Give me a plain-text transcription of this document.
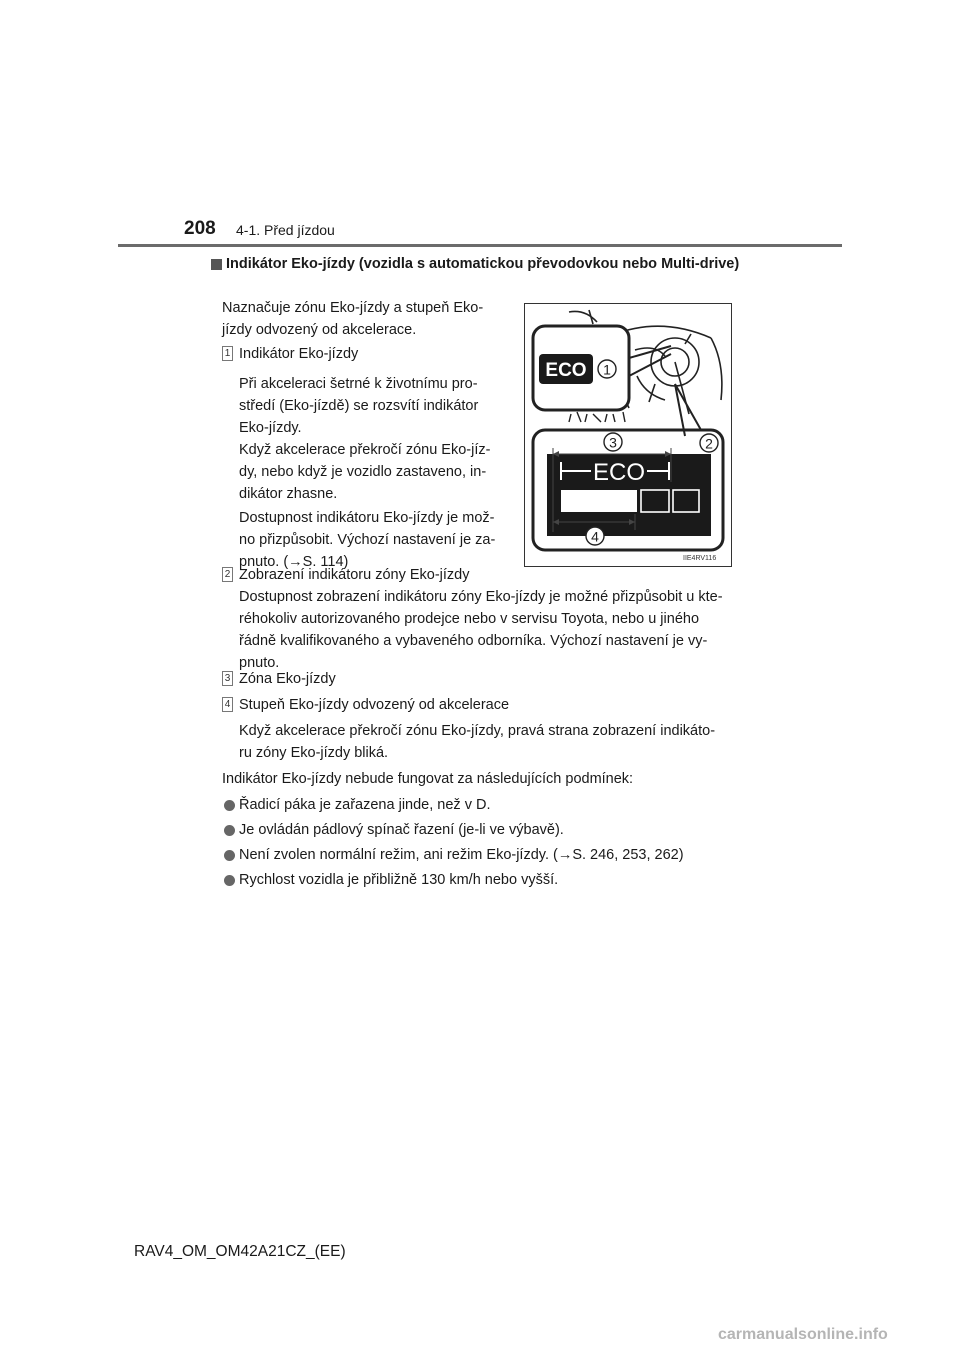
208 4-1. Před jízdou
Indikátor Eko-jízdy (vozidla s automatickou převodovkou nebo Multi-drive)
Naznačuje zónu Eko-jízdy a stupeň Eko-
jízdy odvozený od akcelerace.
1 Indikátor Eko-jízdy
Při akceleraci šetrné k životnímu pro-
středí (Eko-jízdě) se rozsvítí indikátor
Eko-jízdy.
Když akcelerace překročí zónu Eko-jíz-
dy, nebo když je vozidlo zastaveno, in-
dikátor zhasne.
Dostupnost indikátoru Eko-jízdy je mož-
no přizpůsobit. Výchozí nastavení je za-
pnuto. (→S. 114)
ECO 1
ECO
3	2
4
IIE4RV116
2 Zobrazení indikátoru zóny Eko-jízdy
Dostupnost zobrazení indikátoru zóny Eko-jízdy je možné přizpůsobit u kte-
réhokoliv autorizovaného prodejce nebo v servisu Toyota, nebo u jiného
řádně kvalifikovaného a vybaveného odborníka. Výchozí nastavení je vy-
pnuto.
3 Zóna Eko-jízdy
4 Stupeň Eko-jízdy odvozený od akcelerace
Když akcelerace překročí zónu Eko-jízdy, pravá strana zobrazení indikáto-
ru zóny Eko-jízdy bliká.
Indikátor Eko-jízdy nebude fungovat za následujících podmínek:
Řadicí páka je zařazena jinde, než v D.
Je ovládán pádlový spínač řazení (je-li ve výbavě).
Není zvolen normální režim, ani režim Eko-jízdy. (→S. 246, 253, 262)
Rychlost vozidla je přibližně 130 km/h nebo vyšší.
RAV4_OM_OM42A21CZ_(EE)
carmanualsonline.info
